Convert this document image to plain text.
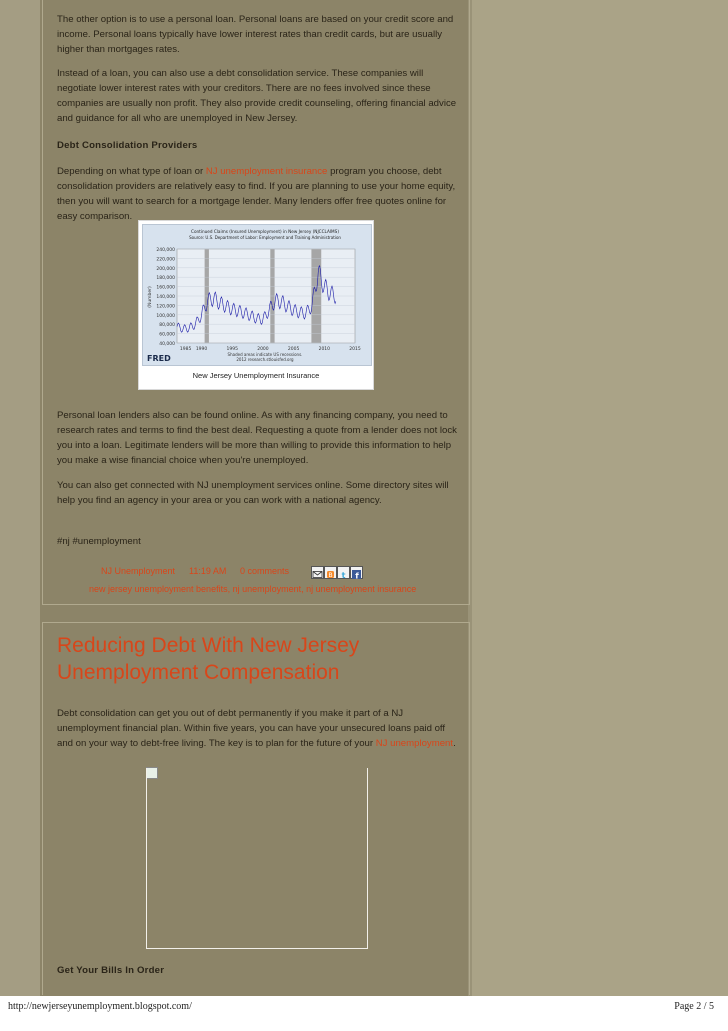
The other option is to use a personal loan. Personal loans are based on your credit score and income. Personal loans typically have lower interest rates than credit cards, but are usually higher than mortgages rates.
Instead of a loan, you can also use a debt consolidation service. These companies will negotiate lower interest rates with your creditors. There are no fees involved since these companies are usually non profit. They also provide credit counseling, offering financial advice and guidance for all who are unemployed in New Jersey.
Debt Consolidation Providers
Depending on what type of loan or NJ unemployment insurance program you choose, debt consolidation providers are relatively easy to find. If you are planning to use your home equity, then you will want to search for a mortgage lender. Many lenders offer free quotes online for easy comparison.
240,000
220,000
200,000
180,000
160,000
140,000
120,000
100,000
80,000
60,000
40,000
1985 1990	1995	2000	2005	2010	2015
Continued Claims (Insured Unemployment) in New Jersey (NJCCLAIMS)
Source: U.S. Department of Labor: Employment and Training Administration
(Number)
Shaded areas indicate US recessions.
2012 research.stlouisfed.org
FRED
New Jersey Unemployment Insurance
Personal loan lenders also can be found online. As with any financing company, you need to research rates and terms to find the best deal. Requesting a quote from a lender does not lock you into a loan. Legitimate lenders will be more than willing to provide this information to help you make a wise financial choice when you're unemployed.
You can also get connected with NJ unemployment services online. Some directory sites will help you find an agency in your area or you can work with a national agency.
#nj #unemployment
NJ Unemployment 11:19 AM 0 comments	B t f
new jersey unemployment benefits, nj unemployment, nj unemployment insurance
Reducing Debt With New Jersey Unemployment Compensation
Debt consolidation can get you out of debt permanently if you make it part of a NJ unemployment financial plan. Within five years, you can have your unsecured loans paid off and on your way to debt-free living. The key is to plan for the future of your NJ unemployment.
Get Your Bills In Order
http://newjerseyunemployment.blogspot.com/	Page 2 / 5
